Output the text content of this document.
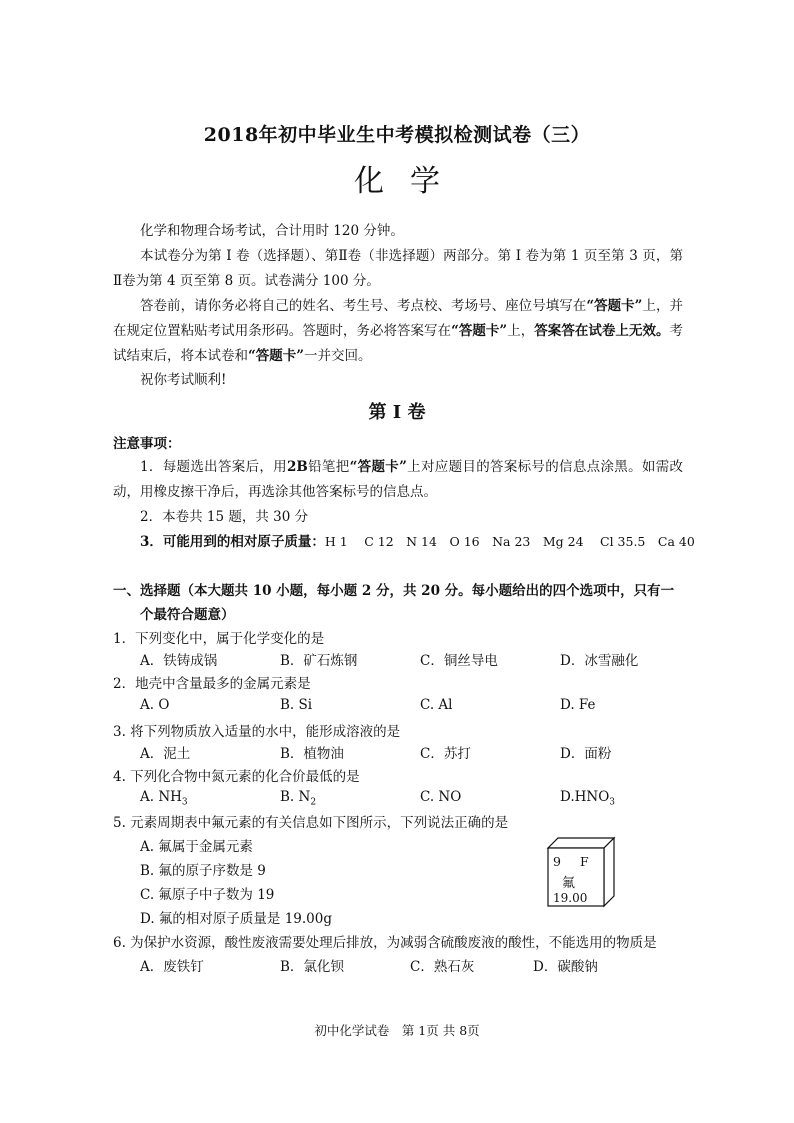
2018年初中毕业生中考模拟检测试卷（三）
化学
化学和物理合场考试，合计用时 120 分钟。
本试卷分为第 I 卷（选择题）、第Ⅱ卷（非选择题）两部分。第 I 卷为第 1 页至第 3 页，第Ⅱ卷为第 4 页至第 8 页。试卷满分 100 分。
答卷前，请你务必将自己的姓名、考生号、考点校、考场号、座位号填写在“答题卡”上，并在规定位置粘贴考试用条形码。答题时，务必将答案写在“答题卡”上，答案答在试卷上无效。考试结束后，将本试卷和“答题卡”一并交回。
祝你考试顺利!
第 I 卷
注意事项：
1．每题选出答案后，用2B铅笔把“答题卡”上对应题目的答案标号的信息点涂黑。如需改动，用橡皮擦干净后，再选涂其他答案标号的信息点。
2．本卷共 15 题，共 30 分
3．可能用到的相对原子质量：H 1　 C 12　N 14　O 16　Na 23　Mg 24　 Cl 35.5　Ca 40
一、选择题（本大题共 10 小题，每小题 2 分，共 20 分。每小题给出的四个选项中，只有一
个最符合题意）
1．下列变化中，属于化学变化的是
A．铁铸成锅	B．矿石炼钢	C．铜丝导电	D．冰雪融化
2．地壳中含量最多的金属元素是
A. O	B. Si	C. Al	D. Fe
3. 将下列物质放入适量的水中，能形成溶液的是
A．泥土	B．植物油	C．苏打	D．面粉
4. 下列化合物中氮元素的化合价最低的是
A. $NH_3$	B. $N_2$	C. NO	$D.HNO_3$
5. 元素周期表中氟元素的有关信息如下图所示，下列说法正确的是
A. 氟属于金属元素
B. 氟的原子序数是 9
C. 氟原子中子数为 19
D. 氟的相对原子质量是 19.00g
9 F
氟
19.00
6. 为保护水资源，酸性废液需要处理后排放，为减弱含硫酸废液的酸性，不能选用的物质是
A．废铁钉	B．氯化钡	C．熟石灰	D．碳酸钠
初中化学试卷　第 1页 共 8页
